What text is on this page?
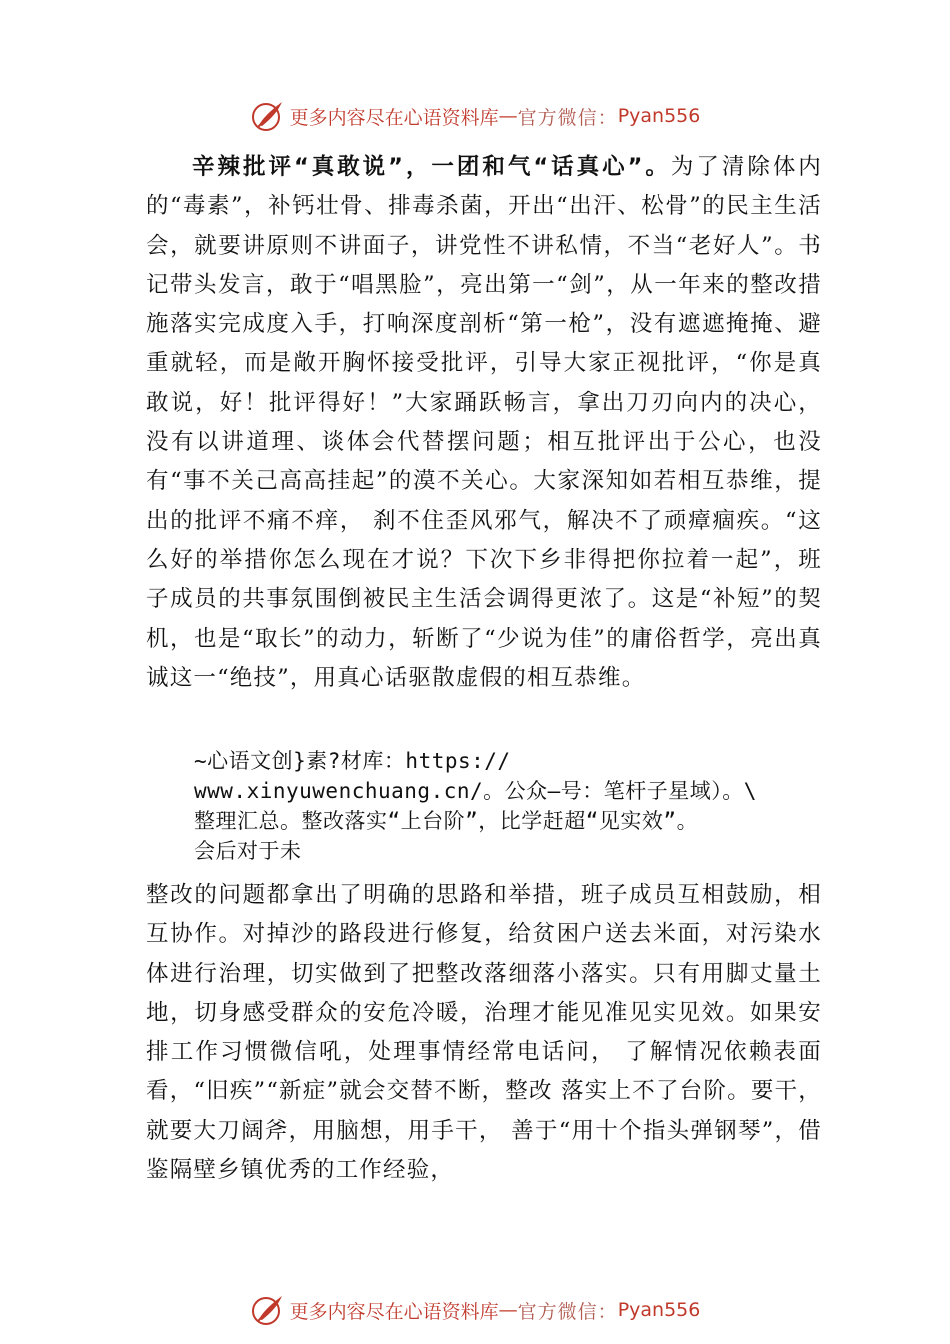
更多内容尽在心语资料库 — 官方微信： Pyan556

辛辣批评“真敢说”，一团和气“话真心”。为了清除体内的“毒素”，补钙壮骨、排毒杀菌，开出“出汗、松骨”的民主生活会，就要讲原则不讲面子，讲党性不讲私情，不当“老好人”。书记带头发言，敢于“唱黑脸”，亮出第一“剑”，从一年来的整改措施落实完成度入手，打响深度剖析“第一枪”，没有遮遮掩掩、避重就轻，而是敞开胸怀接受批评，引导大家正视批评，“你是真敢说，好！批评得好！”大家踊跃畅言，拿出刀刃向内的决心，没有以讲道理、谈体会代替摆问题；相互批评出于公心，也没有“事不关己高高挂起”的漠不关心。大家深知如若相互恭维，提出的批评不痛不痒， 刹不住歪风邪气，解决不了顽瘴痼疾。“这么好的举措你怎么现在才说？下次下乡非得把你拉着一起”，班子成员的共事氛围倒被民主生活会调得更浓了。这是“补短”的契机，也是“取长”的动力，斩断了“少说为佳”的庸俗哲学，亮出真诚这一“绝技”，用真心话驱散虚假的相互恭维。

~心语文创}素?材库：https://
www.xinyuwenchuang.cn/。公众—号：笔杆子星域）。\
整理汇总。整改落实“上台阶”，比学赶超“见实效”。
会后对于未

整改的问题都拿出了明确的思路和举措，班子成员互相鼓励，相互协作。对掉沙的路段进行修复，给贫困户送去米面，对污染水体进行治理，切实做到了把整改落细落小落实。只有用脚丈量土地，切身感受群众的安危冷暖，治理才能见准见实见效。如果安排工作习惯微信吼，处理事情经常电话问， 了解情况依赖表面看，“旧疾”“新症”就会交替不断，整改 落实上不了台阶。要干，就要大刀阔斧，用脑想，用手干， 善于“用十个指头弹钢琴”，借鉴隔壁乡镇优秀的工作经验，

更多内容尽在心语资料库 — 官方微信： Pyan556
